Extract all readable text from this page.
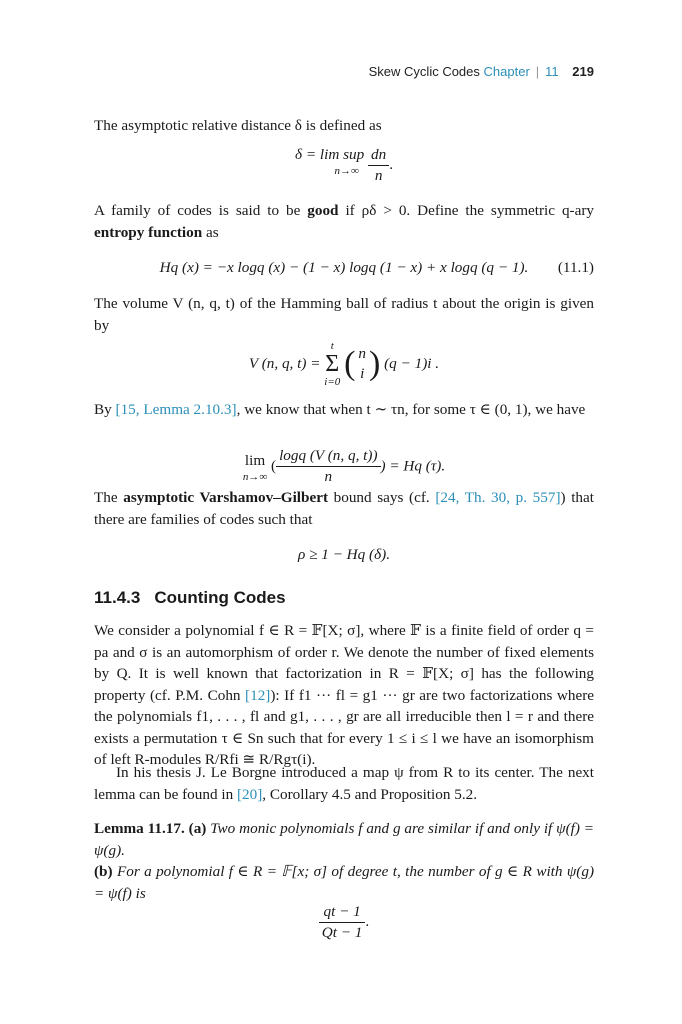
Skew Cyclic Codes Chapter | 11 219
The asymptotic relative distance δ is defined as
δ = lim sup
n→∞
$\frac{dn}{n}$ .
A family of codes is said to be good if ρδ > 0. Define the symmetric q-ary entropy function as
Hq (x) = −x logq (x) − (1 − x) logq (1 − x) + x logq (q − 1). (11.1)
The volume V (n, q, t) of the Hamming ball of radius t about the origin is given by
V (n, q, t) =
t
Σ
i=0 ( n
i ) (q − 1)i .
By [15, Lemma 2.10.3], we know that when t ∼ τn, for some τ ∈ (0, 1), we have
lim
n→∞
( $\frac{\log q (V (n, q, t))}{n}$ ) = Hq (τ).
The asymptotic Varshamov–Gilbert bound says (cf. [24, Th. 30, p. 557]) that there are families of codes such that
ρ ≥ 1 − Hq (δ).
11.4.3 Counting Codes
We consider a polynomial f ∈ R = 𝔽[X; σ], where 𝔽 is a finite field of order q = pa and σ is an automorphism of order r. We denote the number of fixed elements by Q. It is well known that factorization in R = 𝔽[X; σ] has the following property (cf. P.M. Cohn [12]): If f1 ··· fl = g1 ··· gr are two factorizations where the polynomials f1, . . . , fl and g1, . . . , gr are all irreducible then l = r and there exists a permutation τ ∈ Sn such that for every 1 ≤ i ≤ l we have an isomorphism of left R-modules R/Rfi ≅ R/Rgτ(i).
In his thesis J. Le Borgne introduced a map ψ from R to its center. The next lemma can be found in [20], Corollary 4.5 and Proposition 5.2.
Lemma 11.17. (a) Two monic polynomials f and g are similar if and only if ψ(f) = ψ(g).
(b) For a polynomial f ∈ R = 𝔽[x; σ] of degree t, the number of g ∈ R with ψ(g) = ψ(f) is
$\frac{qt - 1}{Qt - 1}$ .
